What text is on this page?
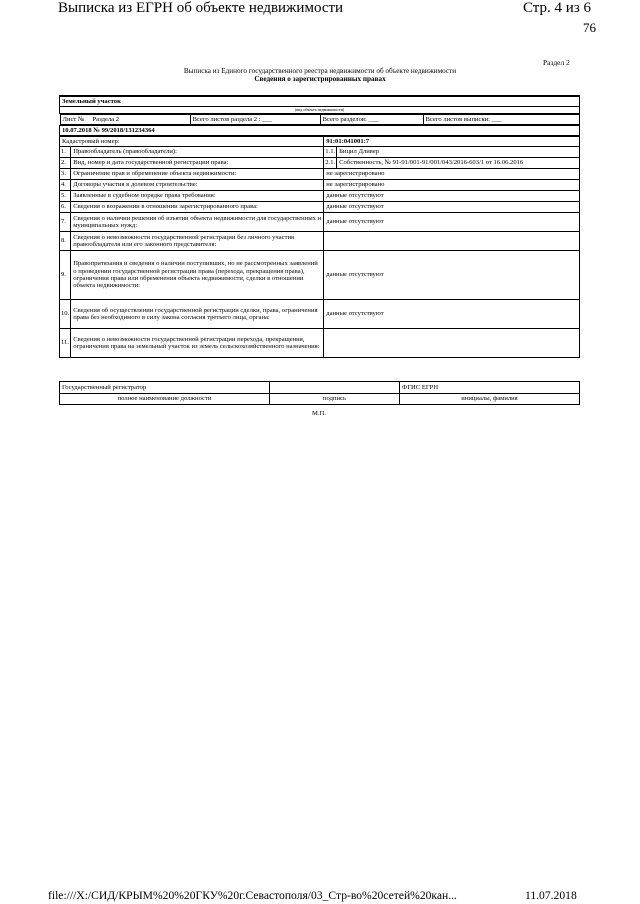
Выписка из ЕГРН об объекте недвижимости	Стр. 4 из 6
76
Раздел 2
Выписка из Единого государственного реестра недвижимости об объекте недвижимости
Сведения о зарегистрированных правах
Земельный участок
(вид объекта недвижимости)

Лист № Раздела 2	Всего листов раздела 2 : ___	Всего разделов: ___	Всего листов выписки: ___

10.07.2018 № 99/2018/131234364
Кадастровый номер:	91:01:041001:7
1.	Правообладатель (правообладатели):	1.1.	Бицил Дливер
2.	Вид, номер и дата государственной регистрации права:	2.1.	Собственность, № 91-91/001-91/001/043/2016-603/1 от 16.06.2016
3.	Ограничение прав и обременение объекта недвижимости:	не зарегистрировано
4.	Договоры участия в долевом строительстве:	не зарегистрировано
5.	Заявленные в судебном порядке права требования:	данные отсутствуют
6.	Сведения о возражении в отношении зарегистрированного права:	данные отсутствуют
7.	Сведения о наличии решения об изъятии объекта недвижимости для государственных и муниципальных нужд:	данные отсутствуют
8.	Сведения о невозможности государственной регистрации без личного участия правообладателя или его законного представителя:	
9.	Правопритязания и сведения о наличии поступивших, но не рассмотренных заявлений о проведении государственной регистрации права (перехода, прекращения права), ограничения права или обременения объекта недвижимости, сделки в отношении объекта недвижимости:	данные отсутствуют
10.	Сведения об осуществлении государственной регистрации сделки, права, ограничения права без необходимого в силу закона согласия третьего лица, органа:	данные отсутствуют
11.	Сведения о невозможности государственной регистрации перехода, прекращения, ограничения права на земельный участок из земель сельскохозяйственного назначения:	
Государственный регистратор		ФГИС ЕГРН
полное наименование должности	подпись	инициалы, фамилия
М.П.
file:///X:/СИД/КРЫМ%20%20ГКУ%20г.Севастополя/03_Стр-во%20сетей%20кан...	11.07.2018
